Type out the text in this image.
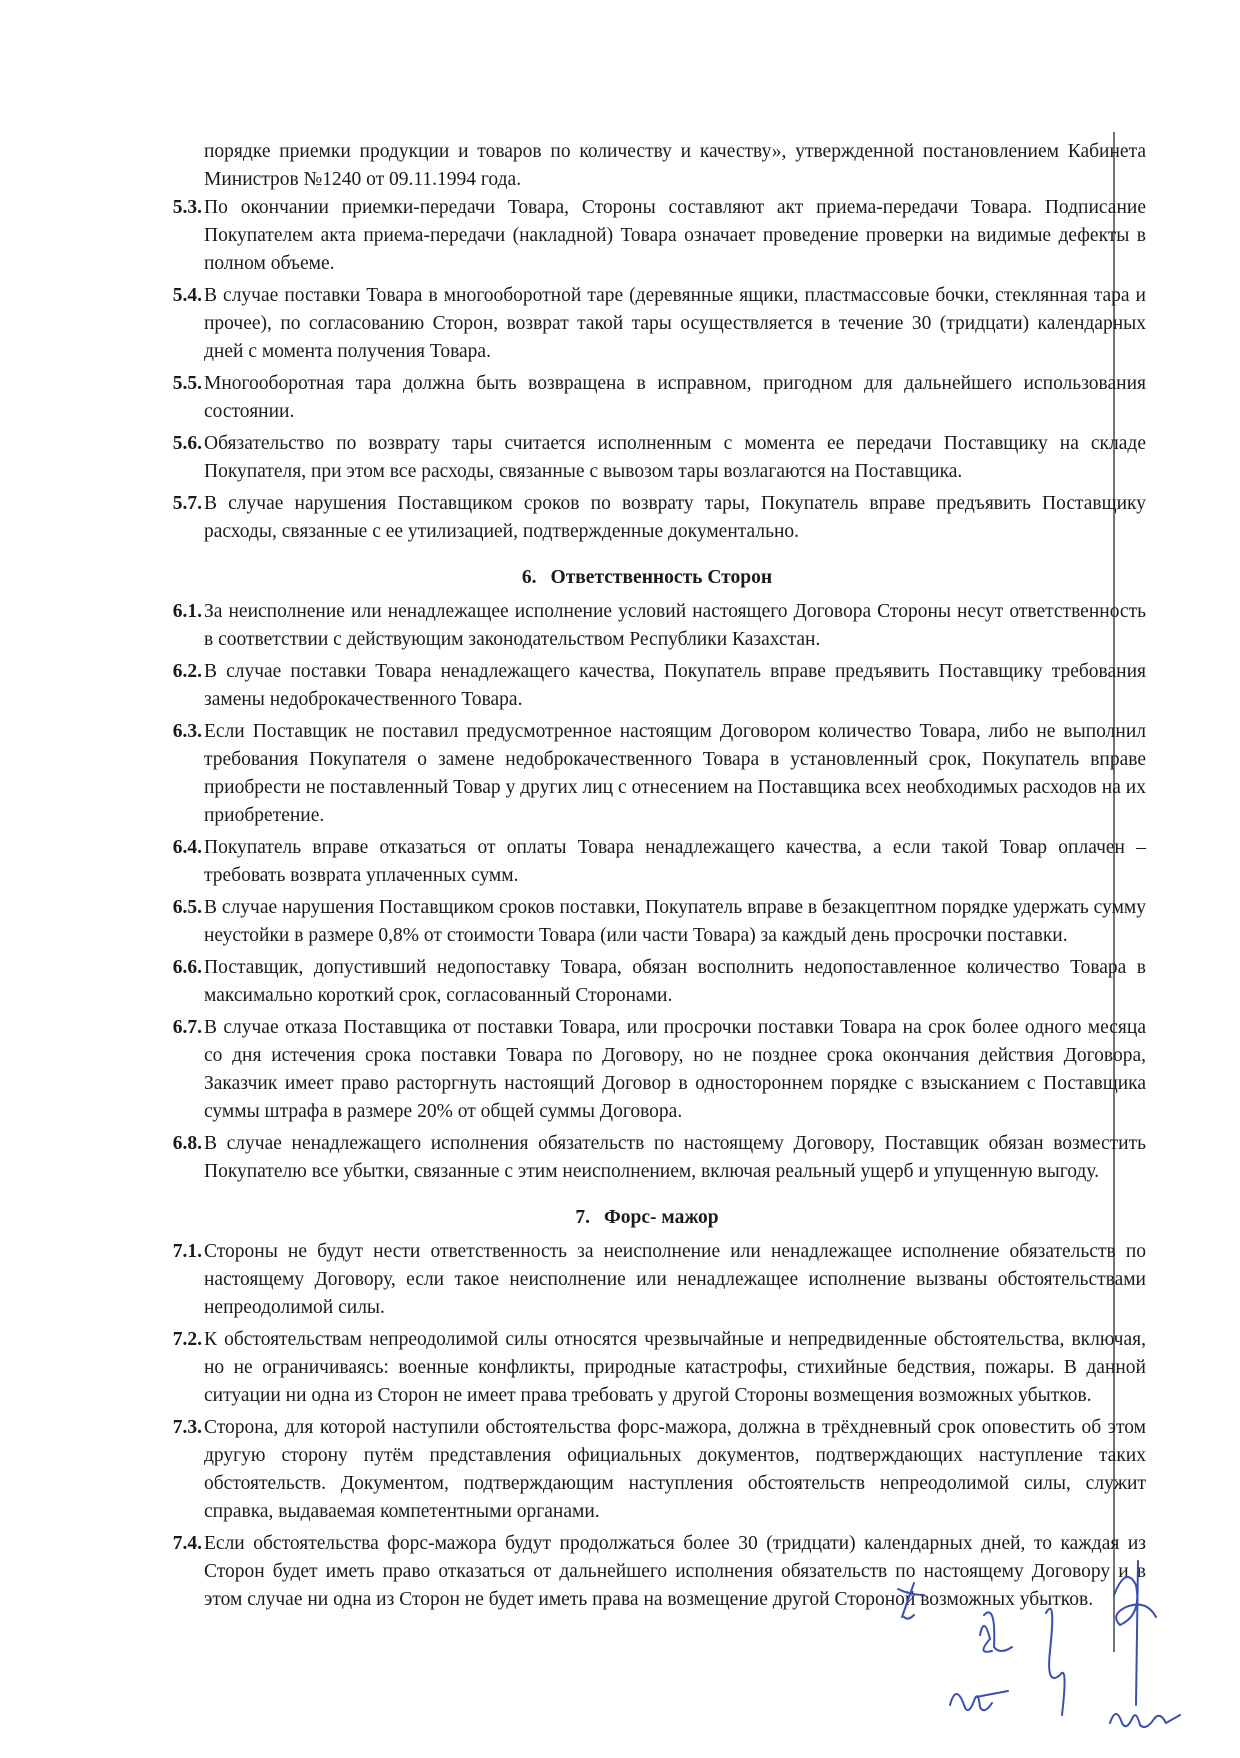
порядке приемки продукции и товаров по количеству и качеству», утвержденной постановлением Кабинета Министров №1240 от 09.11.1994 года.
5.3. По окончании приемки-передачи Товара, Стороны составляют акт приема-передачи Товара. Подписание Покупателем акта приема-передачи (накладной) Товара означает проведение проверки на видимые дефекты в полном объеме.
5.4. В случае поставки Товара в многооборотной таре (деревянные ящики, пластмассовые бочки, стеклянная тара и прочее), по согласованию Сторон, возврат такой тары осуществляется в течение 30 (тридцати) календарных дней с момента получения Товара.
5.5. Многооборотная тара должна быть возвращена в исправном, пригодном для дальнейшего использования состоянии.
5.6. Обязательство по возврату тары считается исполненным с момента ее передачи Поставщику на складе Покупателя, при этом все расходы, связанные с вывозом тары возлагаются на Поставщика.
5.7. В случае нарушения Поставщиком сроков по возврату тары, Покупатель вправе предъявить Поставщику расходы, связанные с ее утилизацией, подтвержденные документально.
6. Ответственность Сторон
6.1. За неисполнение или ненадлежащее исполнение условий настоящего Договора Стороны несут ответственность в соответствии с действующим законодательством Республики Казахстан.
6.2. В случае поставки Товара ненадлежащего качества, Покупатель вправе предъявить Поставщику требования замены недоброкачественного Товара.
6.3. Если Поставщик не поставил предусмотренное настоящим Договором количество Товара, либо не выполнил требования Покупателя о замене недоброкачественного Товара в установленный срок, Покупатель вправе приобрести не поставленный Товар у других лиц с отнесением на Поставщика всех необходимых расходов на их приобретение.
6.4. Покупатель вправе отказаться от оплаты Товара ненадлежащего качества, а если такой Товар оплачен – требовать возврата уплаченных сумм.
6.5. В случае нарушения Поставщиком сроков поставки, Покупатель вправе в безакцептном порядке удержать сумму неустойки в размере 0,8% от стоимости Товара (или части Товара) за каждый день просрочки поставки.
6.6. Поставщик, допустивший недопоставку Товара, обязан восполнить недопоставленное количество Товара в максимально короткий срок, согласованный Сторонами.
6.7. В случае отказа Поставщика от поставки Товара, или просрочки поставки Товара на срок более одного месяца со дня истечения срока поставки Товара по Договору, но не позднее срока окончания действия Договора, Заказчик имеет право расторгнуть настоящий Договор в одностороннем порядке с взысканием с Поставщика суммы штрафа в размере 20% от общей суммы Договора.
6.8. В случае ненадлежащего исполнения обязательств по настоящему Договору, Поставщик обязан возместить Покупателю все убытки, связанные с этим неисполнением, включая реальный ущерб и упущенную выгоду.
7. Форс- мажор
7.1. Стороны не будут нести ответственность за неисполнение или ненадлежащее исполнение обязательств по настоящему Договору, если такое неисполнение или ненадлежащее исполнение вызваны обстоятельствами непреодолимой силы.
7.2. К обстоятельствам непреодолимой силы относятся чрезвычайные и непредвиденные обстоятельства, включая, но не ограничиваясь: военные конфликты, природные катастрофы, стихийные бедствия, пожары. В данной ситуации ни одна из Сторон не имеет права требовать у другой Стороны возмещения возможных убытков.
7.3. Сторона, для которой наступили обстоятельства форс-мажора, должна в трёхдневный срок оповестить об этом другую сторону путём представления официальных документов, подтверждающих наступление таких обстоятельств. Документом, подтверждающим наступления обстоятельств непреодолимой силы, служит справка, выдаваемая компетентными органами.
7.4. Если обстоятельства форс-мажора будут продолжаться более 30 (тридцати) календарных дней, то каждая из Сторон будет иметь право отказаться от дальнейшего исполнения обязательств по настоящему Договору и в этом случае ни одна из Сторон не будет иметь права на возмещение другой Стороной возможных убытков.
